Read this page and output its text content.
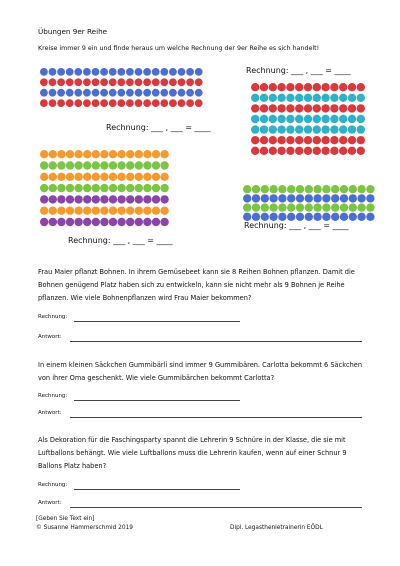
Übungen 9er Reihe
Kreise immer 9 ein und finde heraus um welche Rechnung der 9er Reihe es sich handelt!
Rechnung: ___ , ___ = ____
Rechnung: ___ , ___ = ____
Rechnung: ___ , ___ = ____
Rechnung: ___ , ___ = ____
Frau Maier pflanzt Bohnen. In ihrem Gemüsebeet kann sie 8 Reihen Bohnen pflanzen. Damit die Bohnen genügend Platz haben sich zu entwickeln, kann sie nicht mehr als 9 Bohnen je Reihe pflanzen. Wie viele Bohnenpflanzen wird Frau Maier bekommen?
Rechnung:
Antwort:
In einem kleinen Säckchen Gummibärli sind immer 9 Gummibären. Carlotta bekommt 6 Säckchen von ihrer Oma geschenkt. Wie viele Gummibärchen bekommt Carlotta?
Rechnung:
Antwort:
Als Dekoration für die Faschingsparty spannt die Lehrerin 9 Schnüre in der Klasse, die sie mit Luftballons behängt. Wie viele Luftballons muss die Lehrerin kaufen, wenn auf einer Schnur 9 Ballons Platz haben?
Rechnung:
Antwort:
[Geben Sie Text ein]
© Susanne Hammerschmid 2019	Dipl. Legasthenietrainerin EÖDL
